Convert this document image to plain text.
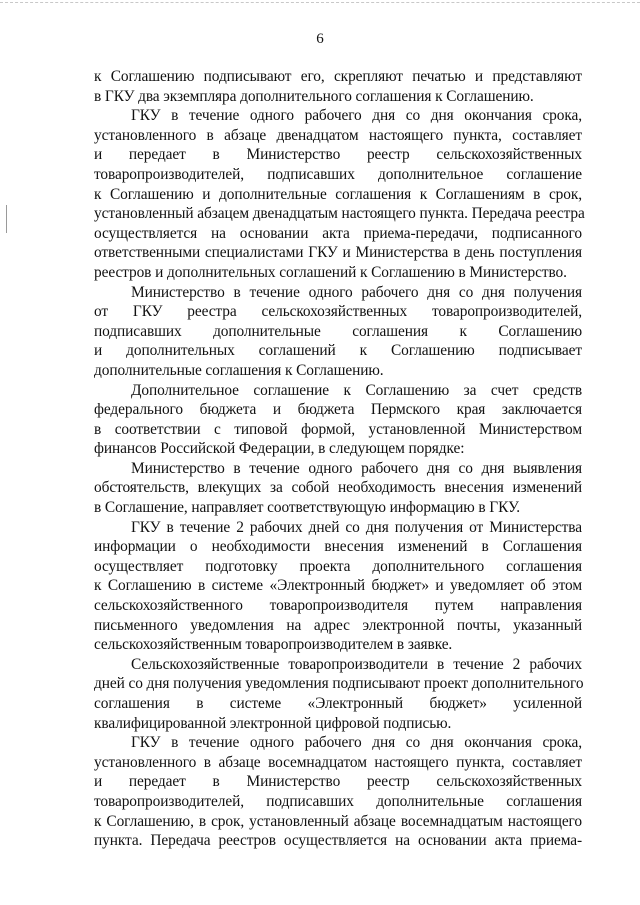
6

к Соглашению подписывают его, скрепляют печатью и представляют

в ГКУ два экземпляра дополнительного соглашения к Соглашению.

ГКУ в течение одного рабочего дня со дня окончания срока,

установленного в абзаце двенадцатом настоящего пункта, составляет

и передает в Министерство реестр сельскохозяйственных

товаропроизводителей, подписавших дополнительное соглашение

к Соглашению и дополнительные соглашения к Соглашениям в срок,

установленный абзацем двенадцатым настоящего пункта. Передача реестра

осуществляется на основании акта приема-передачи, подписанного

ответственными специалистами ГКУ и Министерства в день поступления

реестров и дополнительных соглашений к Соглашению в Министерство.

Министерство в течение одного рабочего дня со дня получения

от ГКУ реестра сельскохозяйственных товаропроизводителей,

подписавших дополнительные соглашения к Соглашению

и дополнительных соглашений к Соглашению подписывает

дополнительные соглашения к Соглашению.

Дополнительное соглашение к Соглашению за счет средств

федерального бюджета и бюджета Пермского края заключается

в соответствии с типовой формой, установленной Министерством

финансов Российской Федерации, в следующем порядке:

Министерство в течение одного рабочего дня со дня выявления

обстоятельств, влекущих за собой необходимость внесения изменений

в Соглашение, направляет соответствующую информацию в ГКУ.

ГКУ в течение 2 рабочих дней со дня получения от Министерства

информации о необходимости внесения изменений в Соглашения

осуществляет подготовку проекта дополнительного соглашения

к Соглашению в системе «Электронный бюджет» и уведомляет об этом

сельскохозяйственного товаропроизводителя путем направления

письменного уведомления на адрес электронной почты, указанный

сельскохозяйственным товаропроизводителем в заявке.

Сельскохозяйственные товаропроизводители в течение 2 рабочих

дней со дня получения уведомления подписывают проект дополнительного

соглашения в системе «Электронный бюджет» усиленной

квалифицированной электронной цифровой подписью.

ГКУ в течение одного рабочего дня со дня окончания срока,

установленного в абзаце восемнадцатом настоящего пункта, составляет

и передает в Министерство реестр сельскохозяйственных

товаропроизводителей, подписавших дополнительные соглашения

к Соглашению, в срок, установленный абзаце восемнадцатым настоящего

пункта. Передача реестров осуществляется на основании акта приема-
